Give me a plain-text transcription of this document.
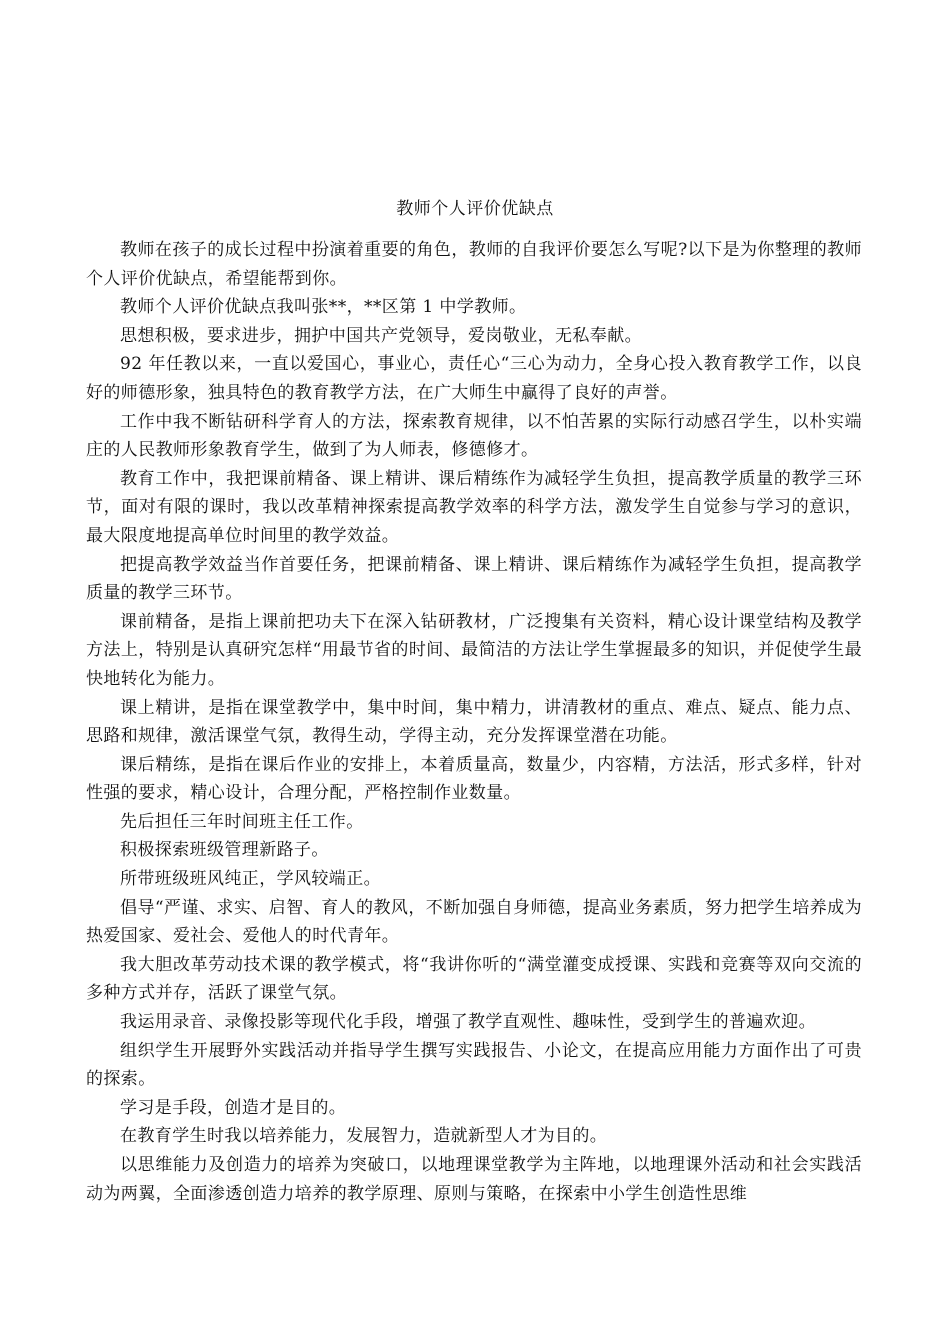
教师个人评价优缺点

教师在孩子的成长过程中扮演着重要的角色，教师的自我评价要怎么写呢?以下是为你整理的教师个人评价优缺点，希望能帮到你。

教师个人评价优缺点我叫张**，**区第 1 中学教师。

思想积极，要求进步，拥护中国共产党领导，爱岗敬业，无私奉献。

92 年任教以来，一直以爱国心，事业心，责任心“三心为动力，全身心投入教育教学工作，以良好的师德形象，独具特色的教育教学方法，在广大师生中赢得了良好的声誉。

工作中我不断钻研科学育人的方法，探索教育规律，以不怕苦累的实际行动感召学生，以朴实端庄的人民教师形象教育学生，做到了为人师表，修德修才。

教育工作中，我把课前精备、课上精讲、课后精练作为减轻学生负担，提高教学质量的教学三环节，面对有限的课时，我以改革精神探索提高教学效率的科学方法，激发学生自觉参与学习的意识，最大限度地提高单位时间里的教学效益。

把提高教学效益当作首要任务，把课前精备、课上精讲、课后精练作为减轻学生负担，提高教学质量的教学三环节。

课前精备，是指上课前把功夫下在深入钻研教材，广泛搜集有关资料，精心设计课堂结构及教学方法上，特别是认真研究怎样“用最节省的时间、最简洁的方法让学生掌握最多的知识，并促使学生最快地转化为能力。

课上精讲，是指在课堂教学中，集中时间，集中精力，讲清教材的重点、难点、疑点、能力点、思路和规律，激活课堂气氛，教得生动，学得主动，充分发挥课堂潜在功能。

课后精练，是指在课后作业的安排上，本着质量高，数量少，内容精，方法活，形式多样，针对性强的要求，精心设计，合理分配，严格控制作业数量。

先后担任三年时间班主任工作。

积极探索班级管理新路子。

所带班级班风纯正，学风较端正。

倡导“严谨、求实、启智、育人的教风，不断加强自身师德，提高业务素质，努力把学生培养成为热爱国家、爱社会、爱他人的时代青年。

我大胆改革劳动技术课的教学模式，将“我讲你听的“满堂灌变成授课、实践和竞赛等双向交流的多种方式并存，活跃了课堂气氛。

我运用录音、录像投影等现代化手段，增强了教学直观性、趣味性，受到学生的普遍欢迎。

组织学生开展野外实践活动并指导学生撰写实践报告、小论文，在提高应用能力方面作出了可贵的探索。

学习是手段，创造才是目的。

在教育学生时我以培养能力，发展智力，造就新型人才为目的。

以思维能力及创造力的培养为突破口，以地理课堂教学为主阵地，以地理课外活动和社会实践活动为两翼，全面渗透创造力培养的教学原理、原则与策略，在探索中小学生创造性思维
